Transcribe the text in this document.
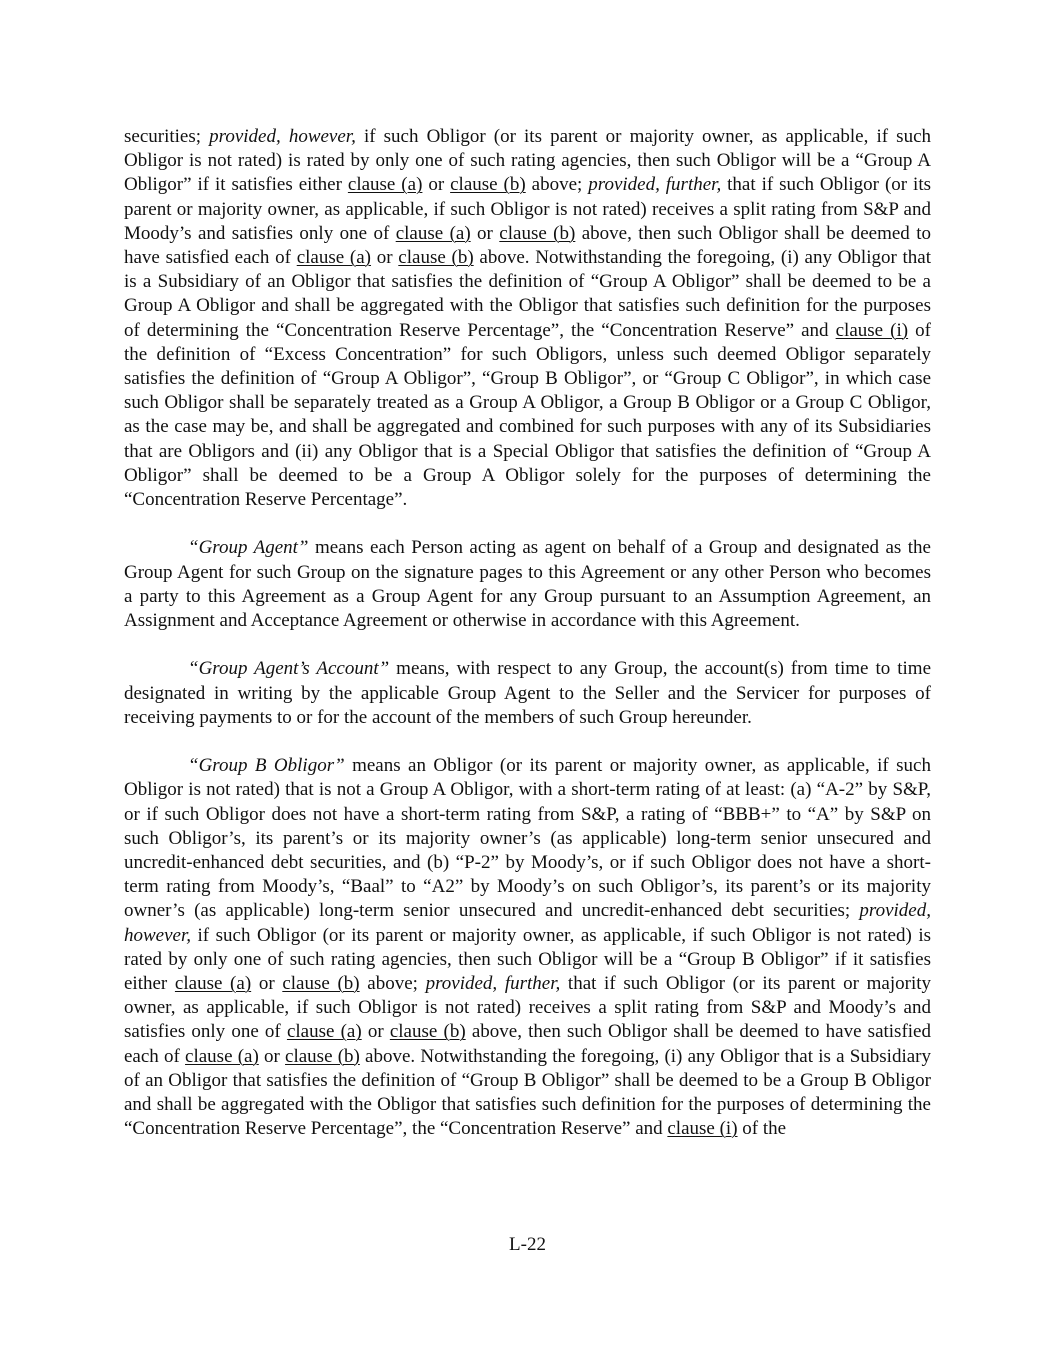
securities; provided, however, if such Obligor (or its parent or majority owner, as applicable, if such Obligor is not rated) is rated by only one of such rating agencies, then such Obligor will be a “Group A Obligor” if it satisfies either clause (a) or clause (b) above; provided, further, that if such Obligor (or its parent or majority owner, as applicable, if such Obligor is not rated) receives a split rating from S&P and Moody’s and satisfies only one of clause (a) or clause (b) above, then such Obligor shall be deemed to have satisfied each of clause (a) or clause (b) above. Notwithstanding the foregoing, (i) any Obligor that is a Subsidiary of an Obligor that satisfies the definition of “Group A Obligor” shall be deemed to be a Group A Obligor and shall be aggregated with the Obligor that satisfies such definition for the purposes of determining the “Concentration Reserve Percentage”, the “Concentration Reserve” and clause (i) of the definition of “Excess Concentration” for such Obligors, unless such deemed Obligor separately satisfies the definition of “Group A Obligor”, “Group B Obligor”, or “Group C Obligor”, in which case such Obligor shall be separately treated as a Group A Obligor, a Group B Obligor or a Group C Obligor, as the case may be, and shall be aggregated and combined for such purposes with any of its Subsidiaries that are Obligors and (ii) any Obligor that is a Special Obligor that satisfies the definition of “Group A Obligor” shall be deemed to be a Group A Obligor solely for the purposes of determining the “Concentration Reserve Percentage”.

“Group Agent” means each Person acting as agent on behalf of a Group and designated as the Group Agent for such Group on the signature pages to this Agreement or any other Person who becomes a party to this Agreement as a Group Agent for any Group pursuant to an Assumption Agreement, an Assignment and Acceptance Agreement or otherwise in accordance with this Agreement.

“Group Agent’s Account” means, with respect to any Group, the account(s) from time to time designated in writing by the applicable Group Agent to the Seller and the Servicer for purposes of receiving payments to or for the account of the members of such Group hereunder.

“Group B Obligor” means an Obligor (or its parent or majority owner, as applicable, if such Obligor is not rated) that is not a Group A Obligor, with a short-term rating of at least: (a) “A-2” by S&P, or if such Obligor does not have a short-term rating from S&P, a rating of “BBB+” to “A” by S&P on such Obligor’s, its parent’s or its majority owner’s (as applicable) long-term senior unsecured and uncredit-enhanced debt securities, and (b) “P-2” by Moody’s, or if such Obligor does not have a short-term rating from Moody’s, “Baal” to “A2” by Moody’s on such Obligor’s, its parent’s or its majority owner’s (as applicable) long-term senior unsecured and uncredit-enhanced debt securities; provided, however, if such Obligor (or its parent or majority owner, as applicable, if such Obligor is not rated) is rated by only one of such rating agencies, then such Obligor will be a “Group B Obligor” if it satisfies either clause (a) or clause (b) above; provided, further, that if such Obligor (or its parent or majority owner, as applicable, if such Obligor is not rated) receives a split rating from S&P and Moody’s and satisfies only one of clause (a) or clause (b) above, then such Obligor shall be deemed to have satisfied each of clause (a) or clause (b) above. Notwithstanding the foregoing, (i) any Obligor that is a Subsidiary of an Obligor that satisfies the definition of “Group B Obligor” shall be deemed to be a Group B Obligor and shall be aggregated with the Obligor that satisfies such definition for the purposes of determining the “Concentration Reserve Percentage”, the “Concentration Reserve” and clause (i) of the

L-22
